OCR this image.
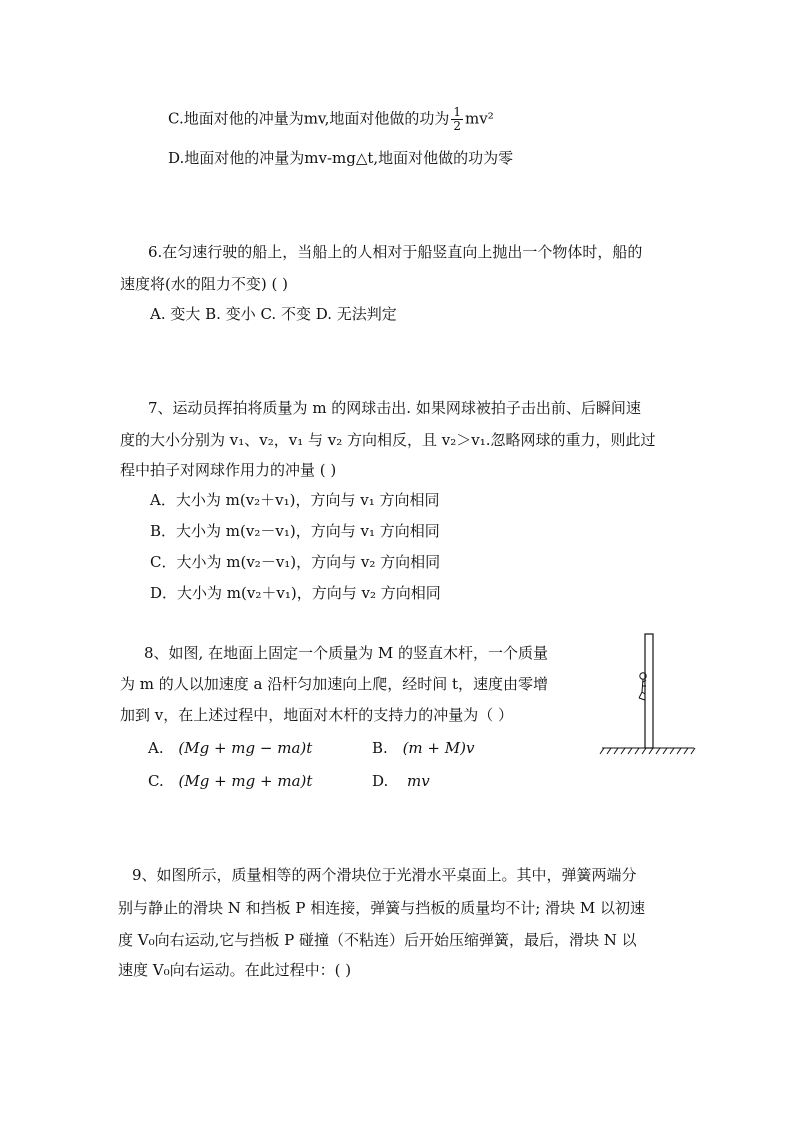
C.地面对他的冲量为mv,地面对他做的功为 $\frac{1}{2} mv^2$
D.地面对他的冲量为mv-mg△t,地面对他做的功为零
6.在匀速行驶的船上，当船上的人相对于船竖直向上抛出一个物体时，船的
速度将(水的阻力不变) ( )
A. 变大 B. 变小 C. 不变 D. 无法判定
7、运动员挥拍将质量为 m 的网球击出. 如果网球被拍子击出前、后瞬间速
度的大小分别为 v₁、v₂，v₁ 与 v₂ 方向相反，且 v₂＞v₁.忽略网球的重力，则此过
程中拍子对网球作用力的冲量 ( )
A．大小为 m(v₂＋v₁)，方向与 v₁ 方向相同
B．大小为 m(v₂－v₁)，方向与 v₁ 方向相同
C．大小为 m(v₂－v₁)，方向与 v₂ 方向相同
D．大小为 m(v₂＋v₁)，方向与 v₂ 方向相同
8、如图, 在地面上固定一个质量为 M 的竖直木杆，一个质量
为 m 的人以加速度 a 沿杆匀加速向上爬，经时间 t，速度由零增
加到 v，在上述过程中，地面对木杆的支持力的冲量为（ ）
A. (Mg + mg − ma)t	B. (m + M)v
C. (Mg + mg + ma)t	D. mv
9、如图所示，质量相等的两个滑块位于光滑水平桌面上。其中，弹簧两端分
别与静止的滑块 N 和挡板 P 相连接，弹簧与挡板的质量均不计; 滑块 M 以初速
度 V₀向右运动,它与挡板 P 碰撞（不粘连）后开始压缩弹簧，最后，滑块 N 以
速度 V₀向右运动。在此过程中：( )
